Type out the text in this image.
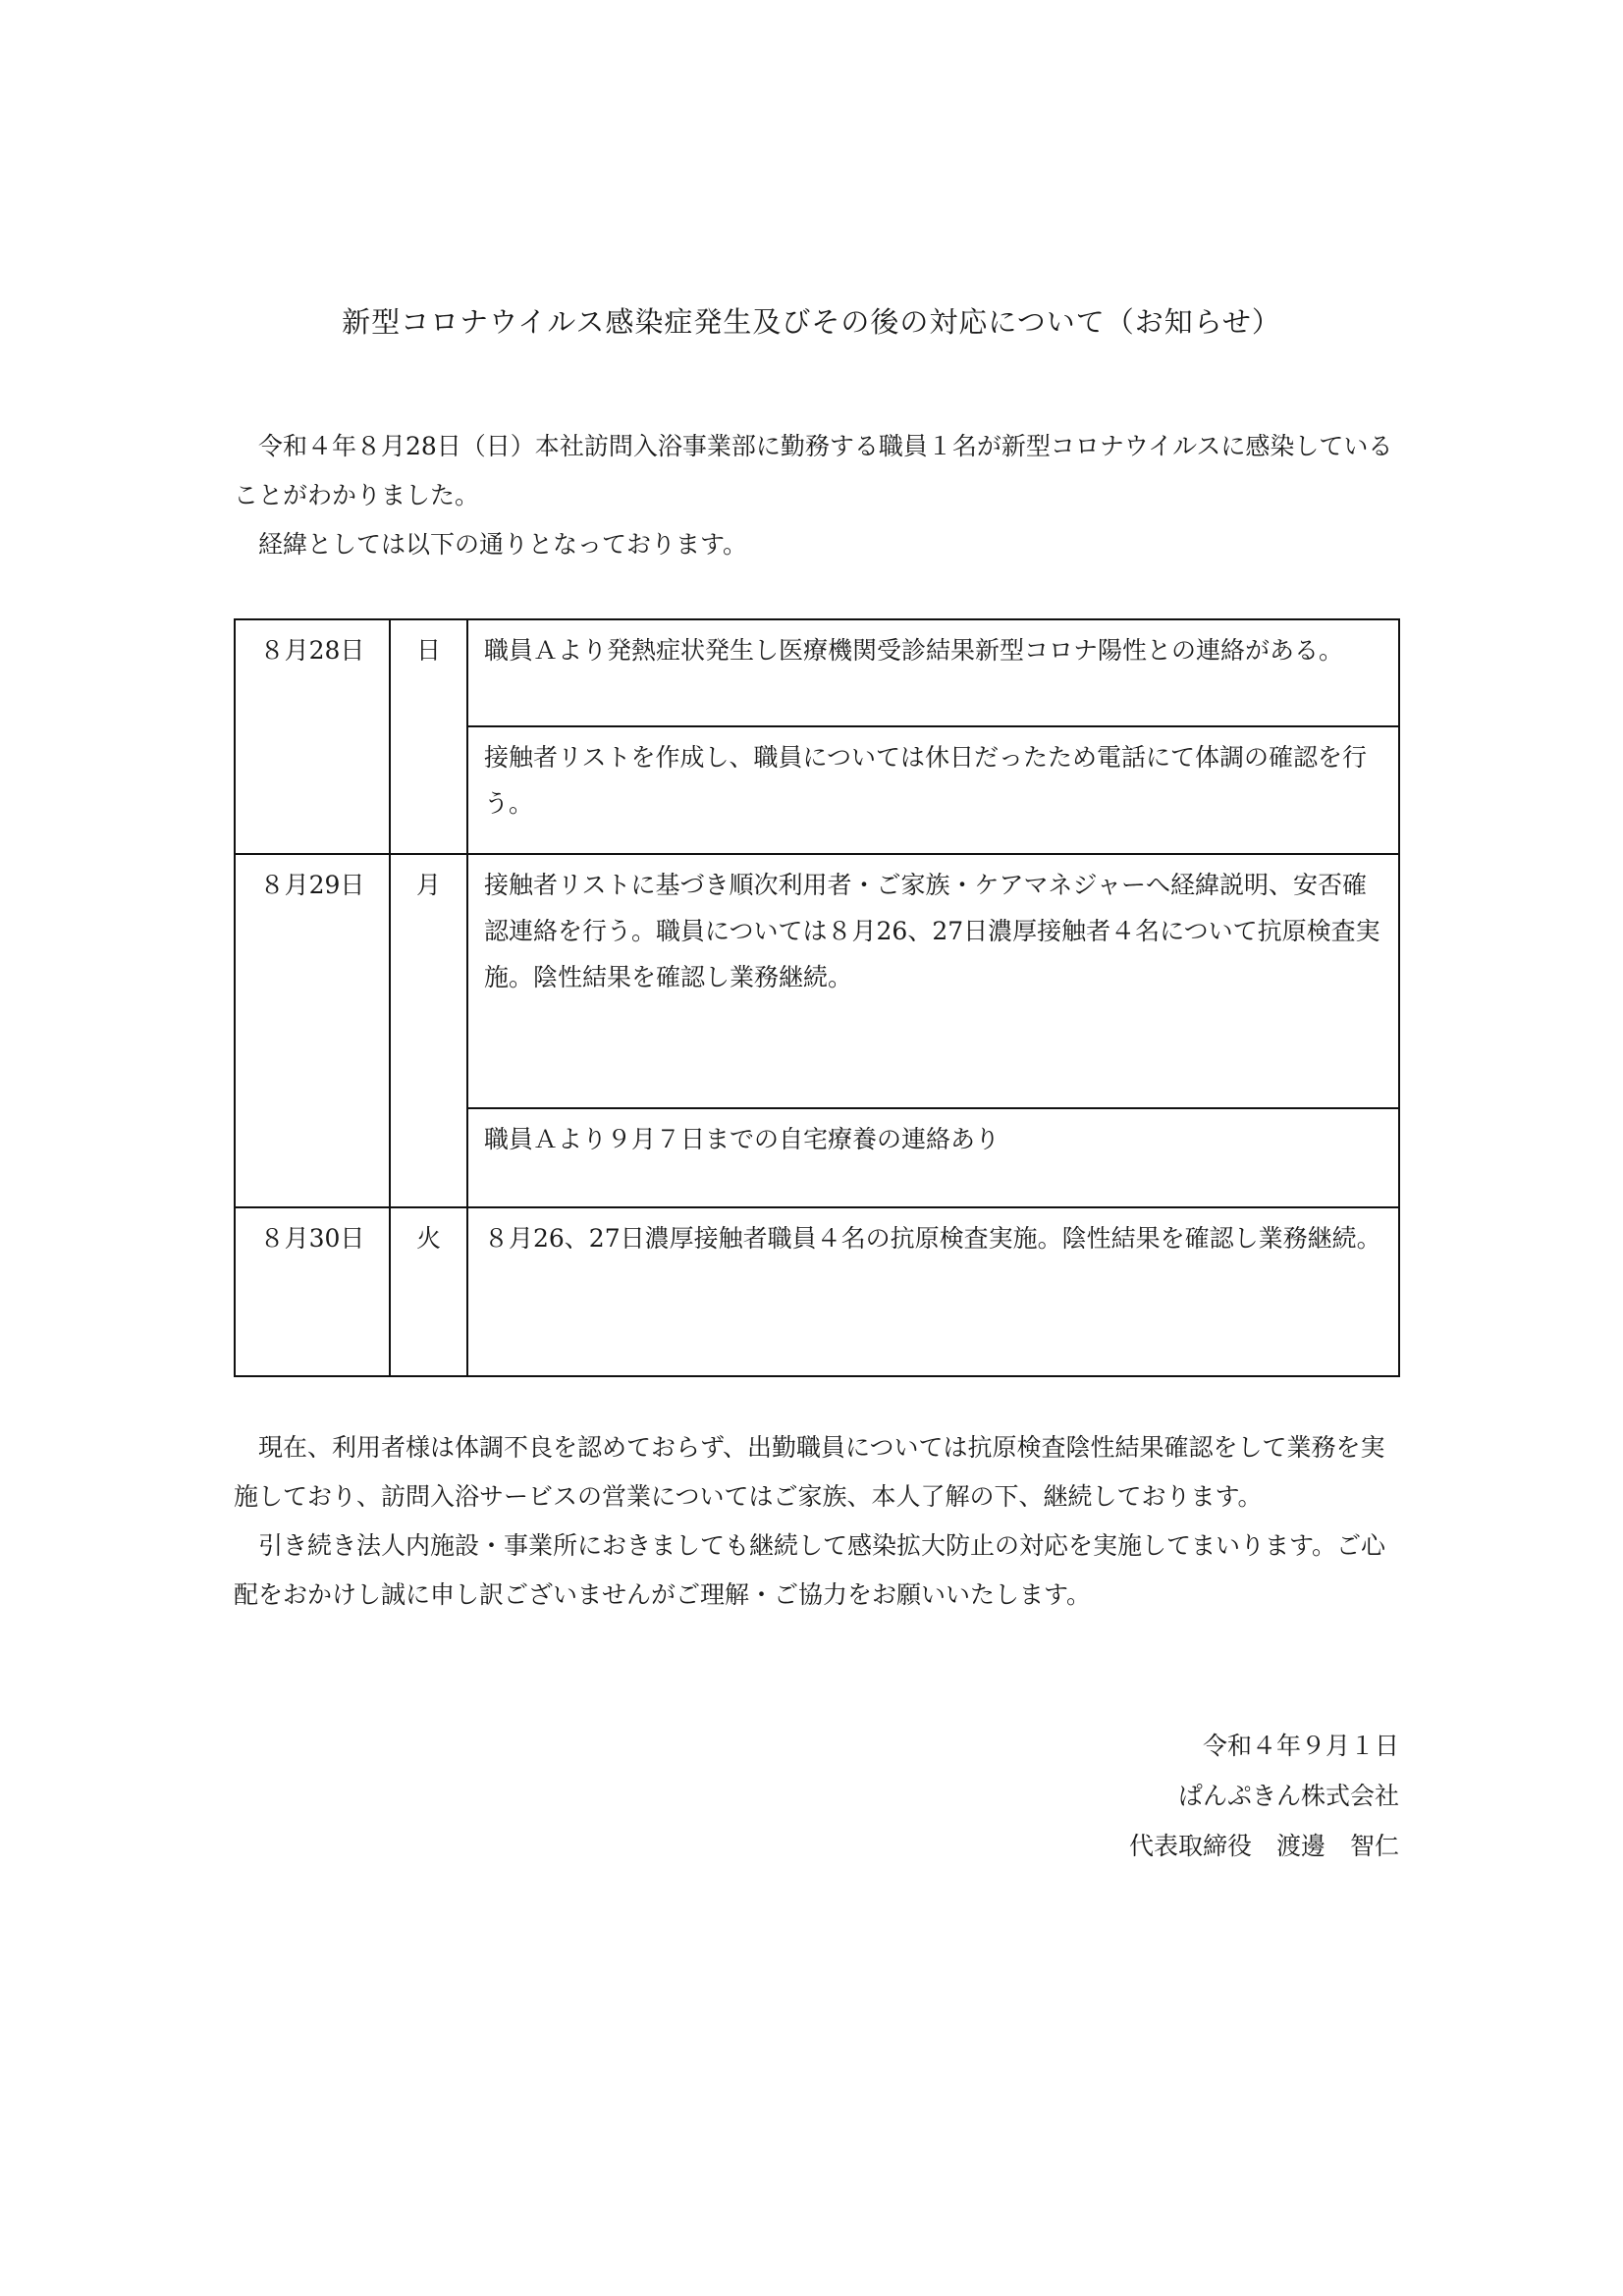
新型コロナウイルス感染症発生及びその後の対応について（お知らせ）

令和４年８月28日（日）本社訪問入浴事業部に勤務する職員１名が新型コロナウイルスに感染していることがわかりました。

経緯としては以下の通りとなっております。

８月28日	日	職員Ａより発熱症状発生し医療機関受診結果新型コロナ陽性との連絡がある。
接触者リストを作成し、職員については休日だったため電話にて体調の確認を行う。

８月29日	月	接触者リストに基づき順次利用者・ご家族・ケアマネジャーへ経緯説明、安否確認連絡を行う。職員については８月26、27日濃厚接触者４名について抗原検査実施。陰性結果を確認し業務継続。
職員Ａより９月７日までの自宅療養の連絡あり

８月30日	火	８月26、27日濃厚接触者職員４名の抗原検査実施。陰性結果を確認し業務継続。

現在、利用者様は体調不良を認めておらず、出勤職員については抗原検査陰性結果確認をして業務を実施しており、訪問入浴サービスの営業についてはご家族、本人了解の下、継続しております。

引き続き法人内施設・事業所におきましても継続して感染拡大防止の対応を実施してまいります。ご心配をおかけし誠に申し訳ございませんがご理解・ご協力をお願いいたします。

令和４年９月１日
ぱんぷきん株式会社
代表取締役　渡邊　智仁
